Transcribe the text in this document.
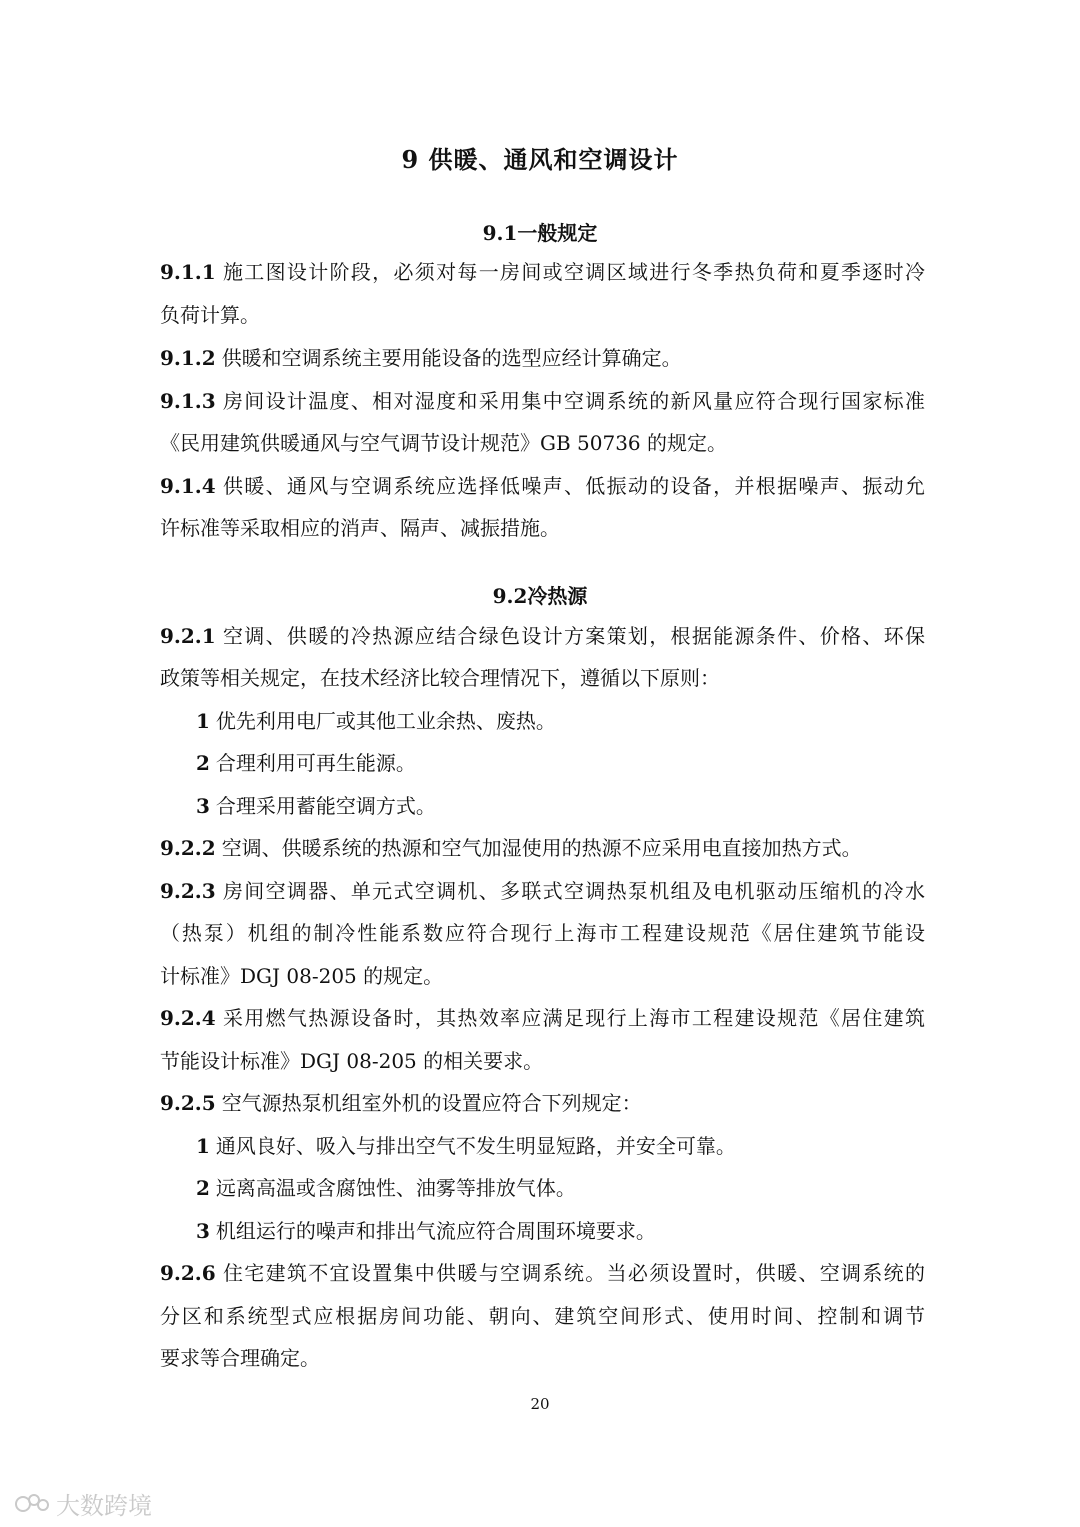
9 供暖、通风和空调设计
9.1一般规定
9.1.1 施工图设计阶段，必须对每一房间或空调区域进行冬季热负荷和夏季逐时冷
负荷计算。
9.1.2 供暖和空调系统主要用能设备的选型应经计算确定。
9.1.3 房间设计温度、相对湿度和采用集中空调系统的新风量应符合现行国家标准
《民用建筑供暖通风与空气调节设计规范》GB 50736 的规定。
9.1.4 供暖、通风与空调系统应选择低噪声、低振动的设备，并根据噪声、振动允
许标准等采取相应的消声、隔声、减振措施。
9.2冷热源
9.2.1 空调、供暖的冷热源应结合绿色设计方案策划，根据能源条件、价格、环保
政策等相关规定，在技术经济比较合理情况下，遵循以下原则：
1 优先利用电厂或其他工业余热、废热。
2 合理利用可再生能源。
3 合理采用蓄能空调方式。
9.2.2 空调、供暖系统的热源和空气加湿使用的热源不应采用电直接加热方式。
9.2.3 房间空调器、单元式空调机、多联式空调热泵机组及电机驱动压缩机的冷水
（热泵）机组的制冷性能系数应符合现行上海市工程建设规范《居住建筑节能设
计标准》DGJ 08-205 的规定。
9.2.4 采用燃气热源设备时，其热效率应满足现行上海市工程建设规范《居住建筑
节能设计标准》DGJ 08-205 的相关要求。
9.2.5 空气源热泵机组室外机的设置应符合下列规定：
1 通风良好、吸入与排出空气不发生明显短路，并安全可靠。
2 远离高温或含腐蚀性、油雾等排放气体。
3 机组运行的噪声和排出气流应符合周围环境要求。
9.2.6 住宅建筑不宜设置集中供暖与空调系统。当必须设置时，供暖、空调系统的
分区和系统型式应根据房间功能、朝向、建筑空间形式、使用时间、控制和调节
要求等合理确定。
20
大数跨境
